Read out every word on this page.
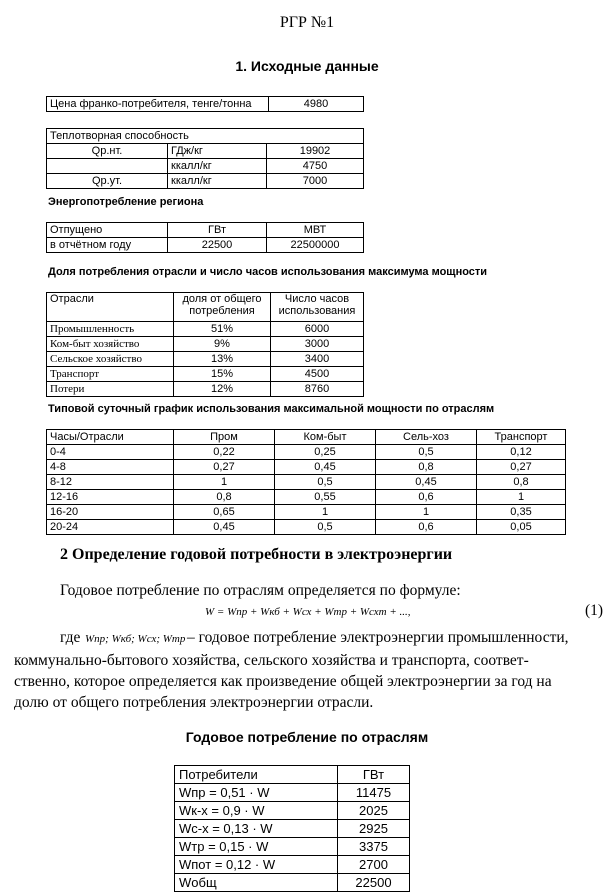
РГР №1
1. Исходные данные
Цена франко-потребителя, тенге/тонна	4980
Теплотворная способность		
Qр.нт.	ГДж/кг	19902
	ккалл/кг	4750
Qр.ут.	ккалл/кг	7000
Энергопотребление региона
Отпущено	ГВт	МВТ
в отчётном году	22500	22500000
Доля потребления отрасли и число часов использования максимума мощности
Отрасли	доля от общего потребления	Число часов использования
Промышленность	51%	6000
Ком-быт хозяйство	9%	3000
Сельское хозяйство	13%	3400
Транспорт	15%	4500
Потери	12%	8760
Типовой суточный график использования максимальной мощности по отраслям
Часы/Отрасли	Пром	Ком-быт	Сель-хоз	Транспорт
0-4	0,22	0,25	0,5	0,12
4-8	0,27	0,45	0,8	0,27
8-12	1	0,5	0,45	0,8
12-16	0,8	0,55	0,6	1
16-20	0,65	1	1	0,35
20-24	0,45	0,5	0,6	0,05
2 Определение годовой потребности в электроэнергии
Годовое потребление по отраслям определяется по формуле:
W = Wпр + Wкб + Wсх + Wтр + Wсхт + ...,	(1)
где Wпр; Wкб; Wсх; Wтр – годовое потребление электроэнергии промышленности,
коммунально-бытового хозяйства, сельского хозяйства и транспорта, соответ-
ственно, которое определяется как произведение общей электроэнергии за год на
долю от общего потребления электроэнергии отрасли.
Годовое потребление по отраслям
Потребители	ГВт
Wпр = 0,51 · W	11475
Wк-х = 0,9 · W	2025
Wс-х = 0,13 · W	2925
Wтр = 0,15 · W	3375
Wпот = 0,12 · W	2700
Wобщ	22500
